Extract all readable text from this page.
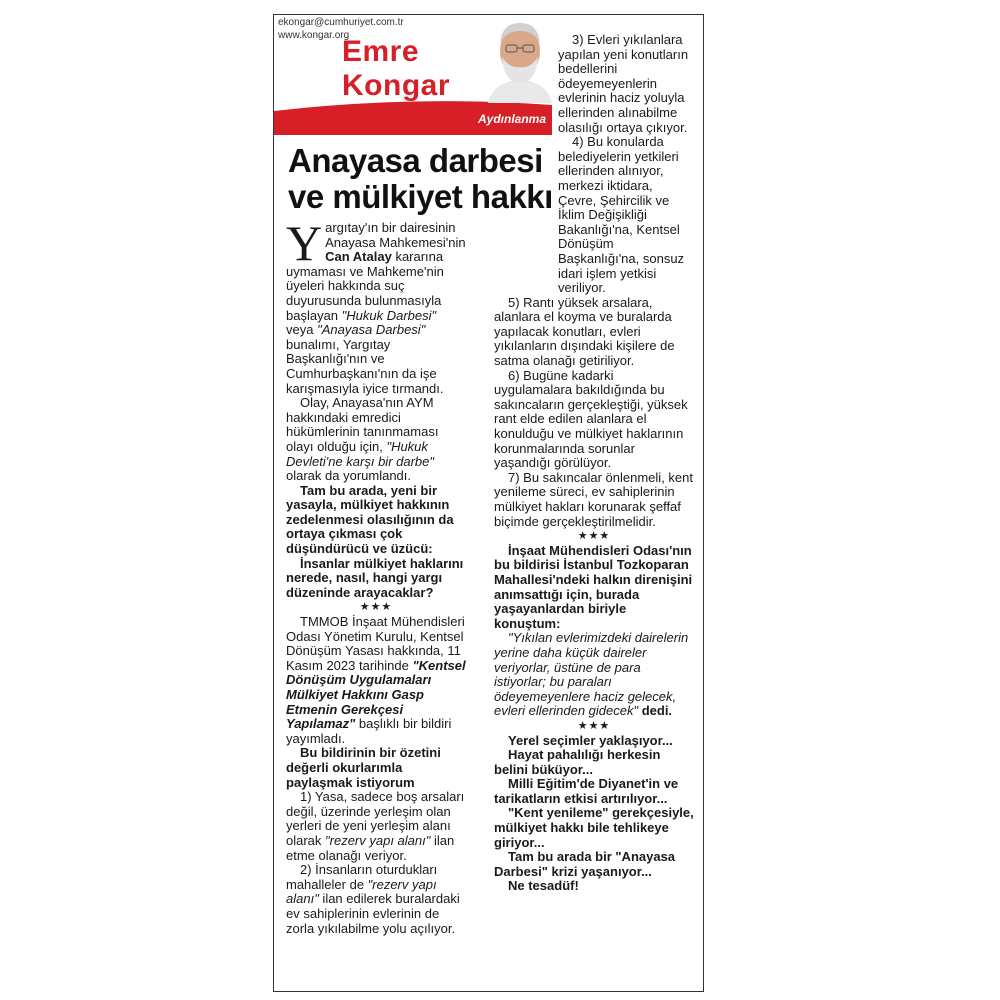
ekongar@cumhuriyet.com.tr
www.kongar.org
Emre
Kongar
Aydınlanma
Anayasa darbesi
ve mülkiyet hakkı

Yargıtay'ın bir dairesinin Anayasa Mahkemesi'nin Can Atalay kararına uymaması ve Mahkeme'nin üyeleri hakkında suç duyurusunda bulunmasıyla başlayan "Hukuk Darbesi" veya "Anayasa Darbesi" bunalımı, Yargıtay Başkanlığı'nın ve Cumhurbaşkanı'nın da işe karışmasıyla iyice tırmandı.

Olay, Anayasa'nın AYM hakkındaki emredici hükümlerinin tanınmaması olayı olduğu için, "Hukuk Devleti'ne karşı bir darbe" olarak da yorumlandı.

Tam bu arada, yeni bir yasayla, mülkiyet hakkının zedelenmesi olasılığının da ortaya çıkması çok düşündürücü ve üzücü:

İnsanlar mülkiyet haklarını nerede, nasıl, hangi yargı düzeninde arayacaklar?

★★★

TMMOB İnşaat Mühendisleri Odası Yönetim Kurulu, Kentsel Dönüşüm Yasası hakkında, 11 Kasım 2023 tarihinde "Kentsel Dönüşüm Uygulamaları Mülkiyet Hakkını Gasp Etmenin Gerekçesi Yapılamaz" başlıklı bir bildiri yayımladı.

Bu bildirinin bir özetini değerli okurlarımla paylaşmak istiyorum

1) Yasa, sadece boş arsaları değil, üzerinde yerleşim olan yerleri de yeni yerleşim alanı olarak "rezerv yapı alanı" ilan etme olanağı veriyor.

2) İnsanların oturdukları mahalleler de "rezerv yapı alanı" ilan edilerek buralardaki ev sahiplerinin evlerinin de zorla yıkılabilme yolu açılıyor.

3) Evleri yıkılanlara yapılan yeni konutların bedellerini ödeyemeyenlerin evlerinin haciz yoluyla ellerinden alınabilme olasılığı ortaya çıkıyor.

4) Bu konularda belediyelerin yetkileri ellerinden alınıyor, merkezi iktidara, Çevre, Şehircilik ve İklim Değişikliği Bakanlığı'na, Kentsel Dönüşüm Başkanlığı'na, sonsuz idari işlem yetkisi veriliyor.

5) Rantı yüksek arsalara, alanlara el koyma ve buralarda yapılacak konutları, evleri yıkılanların dışındaki kişilere de satma olanağı getiriliyor.

6) Bugüne kadarki uygulamalara bakıldığında bu sakıncaların gerçekleştiği, yüksek rant elde edilen alanlara el konulduğu ve mülkiyet haklarının korunmalarında sorunlar yaşandığı görülüyor.

7) Bu sakıncalar önlenmeli, kent yenileme süreci, ev sahiplerinin mülkiyet hakları korunarak şeffaf biçimde gerçekleştirilmelidir.

★★★

İnşaat Mühendisleri Odası'nın bu bildirisi İstanbul Tozkoparan Mahallesi'ndeki halkın direnişini anımsattığı için, burada yaşayanlardan biriyle konuştum:

"Yıkılan evlerimizdeki dairelerin yerine daha küçük daireler veriyorlar, üstüne de para istiyorlar; bu paraları ödeyemeyenlere haciz gelecek, evleri ellerinden gidecek" dedi.

★★★

Yerel seçimler yaklaşıyor...

Hayat pahalılığı herkesin belini büküyor...

Milli Eğitim'de Diyanet'in ve tarikatların etkisi artırılıyor...

"Kent yenileme" gerekçesiyle, mülkiyet hakkı bile tehlikeye giriyor...

Tam bu arada bir "Anayasa Darbesi" krizi yaşanıyor...

Ne tesadüf!
